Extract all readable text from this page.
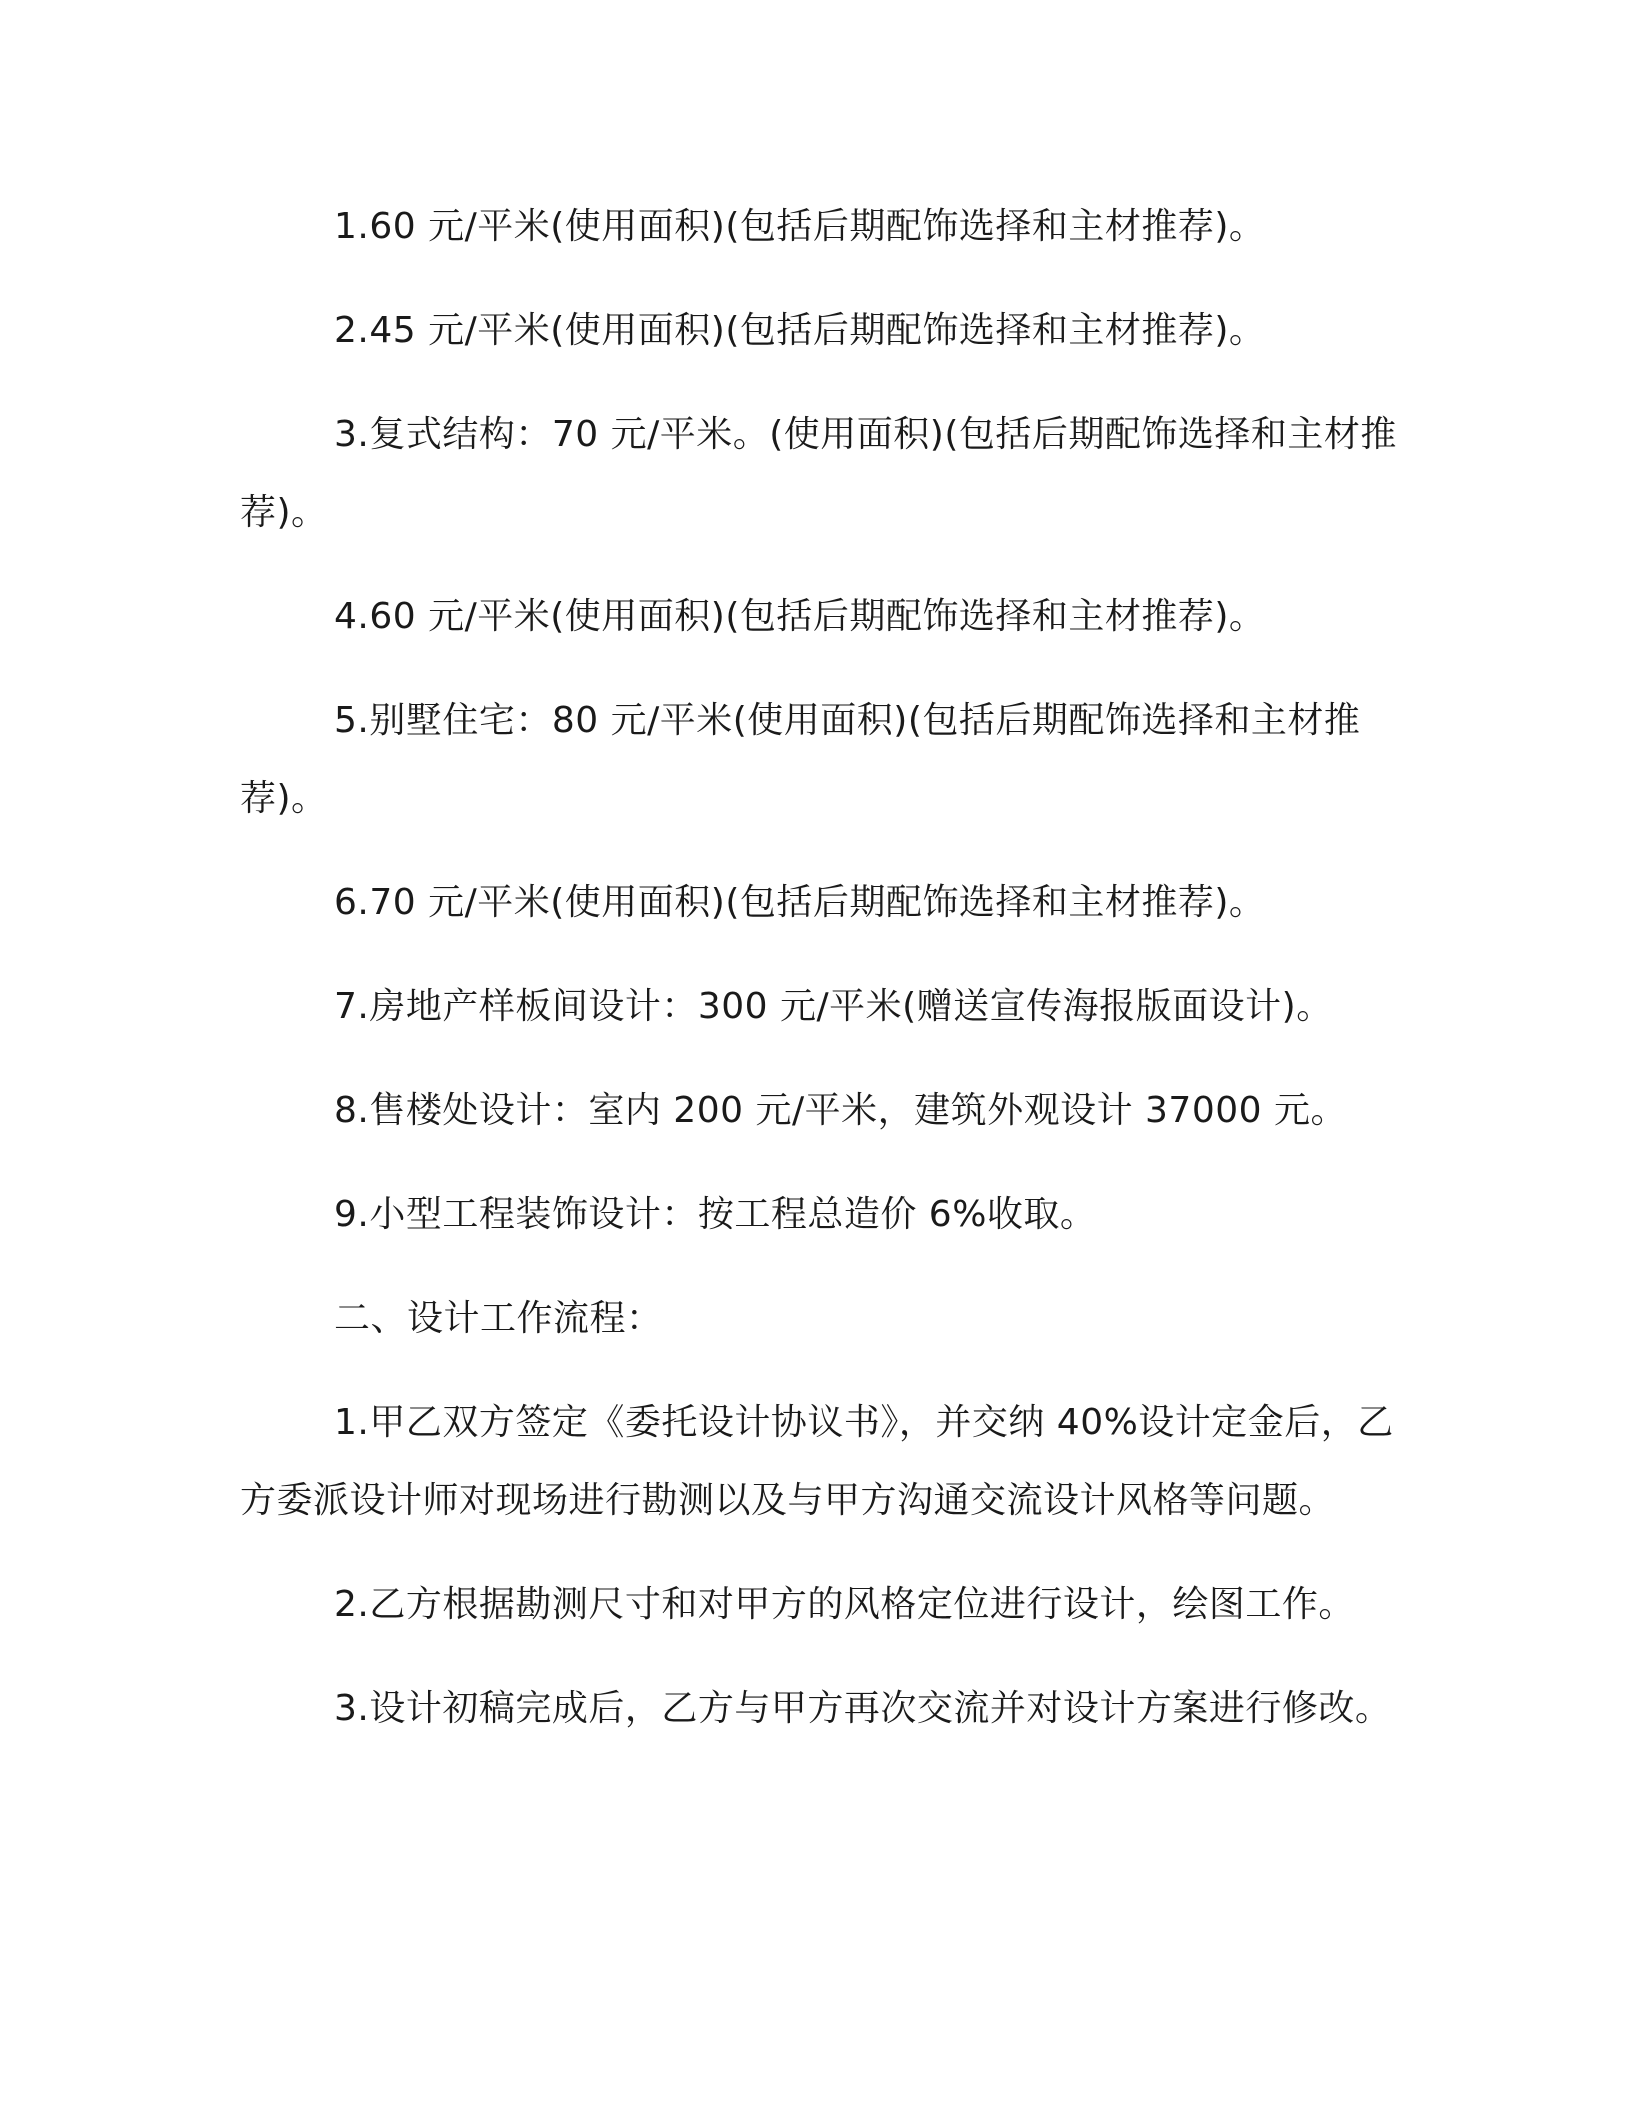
1.60 元/平米(使用面积)(包括后期配饰选择和主材推荐)。

2.45 元/平米(使用面积)(包括后期配饰选择和主材推荐)。

3.复式结构：70 元/平米。(使用面积)(包括后期配饰选择和主材推荐)。

4.60 元/平米(使用面积)(包括后期配饰选择和主材推荐)。

5.别墅住宅：80 元/平米(使用面积)(包括后期配饰选择和主材推荐)。

6.70 元/平米(使用面积)(包括后期配饰选择和主材推荐)。

7.房地产样板间设计：300 元/平米(赠送宣传海报版面设计)。

8.售楼处设计：室内 200 元/平米，建筑外观设计 37000 元。

9.小型工程装饰设计：按工程总造价 6%收取。

二、设计工作流程：

1.甲乙双方签定《委托设计协议书》，并交纳 40%设计定金后，乙方委派设计师对现场进行勘测以及与甲方沟通交流设计风格等问题。

2.乙方根据勘测尺寸和对甲方的风格定位进行设计，绘图工作。

3.设计初稿完成后，乙方与甲方再次交流并对设计方案进行修改。
